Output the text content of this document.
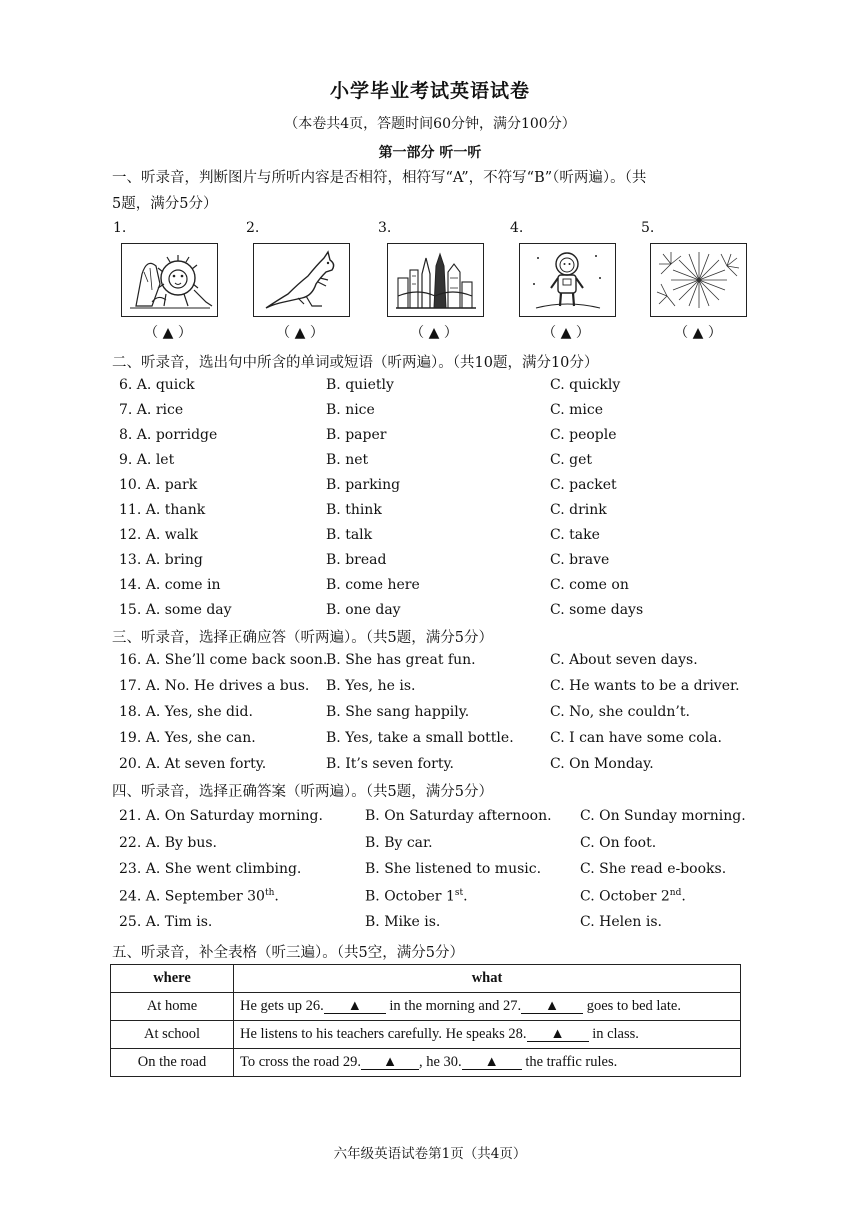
小学毕业考试英语试卷
（本卷共4页，答题时间60分钟，满分100分）
第一部分 听一听
一、听录音，判断图片与所听内容是否相符，相符写“A”，不符写“B”（听两遍）。（共
5题，满分5分）
1.	2.	3.	4.	5.
（ ▲ ）	（ ▲ ）	（ ▲ ）	（ ▲ ）	（ ▲ ）
二、听录音，选出句中所含的单词或短语（听两遍）。（共10题，满分10分）
6. A. quick	B. quietly	C. quickly
7. A. rice	B. nice	C. mice
8. A. porridge	B. paper	C. people
9. A. let	B. net	C. get
10. A. park	B. parking	C. packet
11. A. thank	B. think	C. drink
12. A. walk	B. talk	C. take
13. A. bring	B. bread	C. brave
14. A. come in	B. come here	C. come on
15. A. some day	B. one day	C. some days
三、听录音，选择正确应答（听两遍）。（共5题，满分5分）
16. A. She’ll come back soon.
B. She has great fun.	C. About seven days.
17. A. No. He drives a bus. B. Yes, he is.	C. He wants to be a driver.
18. A. Yes, she did.	B. She sang happily.	C. No, she couldn’t.
19. A. Yes, she can.	B. Yes, take a small bottle.	C. I can have some cola.
20. A. At seven forty.	B. It’s seven forty.	C. On Monday.
四、听录音，选择正确答案（听两遍）。（共5题，满分5分）
21. A. On Saturday morning.	B. On Saturday afternoon. C. On Sunday morning.
22. A. By bus.	B. By car.	C. On foot.
23. A. She went climbing.	B. She listened to music.	C. She read e-books.
24. A. September 30th.	B. October 1st.	C. October 2nd.
25. A. Tim is.	B. Mike is.	C. Helen is.
五、听录音，补全表格（听三遍）。（共5空，满分5分）
where	what
At home	He gets up 26. ▲ in the morning and 27. ▲ goes to bed late.
At school	He listens to his teachers carefully. He speaks 28. ▲ in class.
On the road	To cross the road 29. ▲ , he 30. ▲ the traffic rules.
六年级英语试卷第1页（共4页）
